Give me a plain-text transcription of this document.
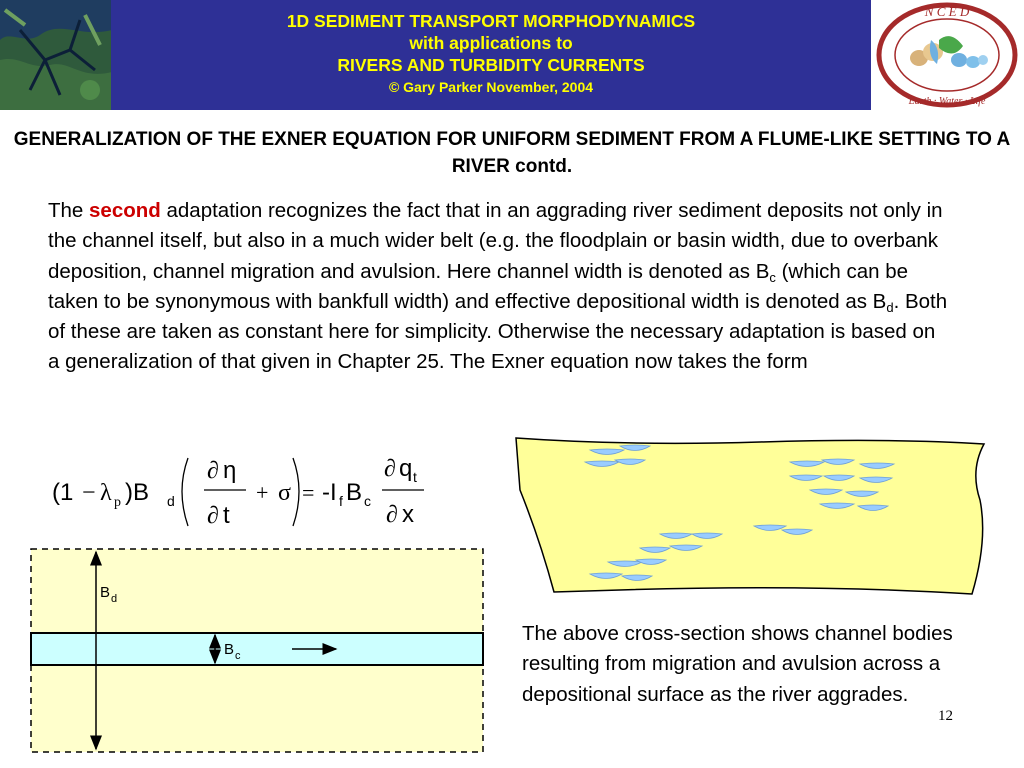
1D SEDIMENT TRANSPORT MORPHODYNAMICS
with applications to
RIVERS AND TURBIDITY CURRENTS
© Gary Parker November, 2004
N C E D
Earth · Water · Life
GENERALIZATION OF THE EXNER EQUATION FOR UNIFORM SEDIMENT FROM A FLUME-LIKE SETTING TO A RIVER contd.
The second adaptation recognizes the fact that in an aggrading river sediment deposits not only in the channel itself, but also in a much wider belt (e.g. the floodplain or basin width, due to overbank deposition, channel migration and avulsion. Here channel width is denoted as $B_c$ (which can be taken to be synonymous with bankfull width) and effective depositional width is denoted as $B_d$. Both of these are taken as constant here for simplicity. Otherwise the necessary adaptation is based on a generalization of that given in Chapter 25. The Exner equation now takes the form
(1 )B d
η
t
-I f B c
q t
x
− λ p
∂
∂
+ σ =
∂
∂
B d
B c
The above cross-section shows channel bodies resulting from migration and avulsion across a depositional surface as the river aggrades.
12
